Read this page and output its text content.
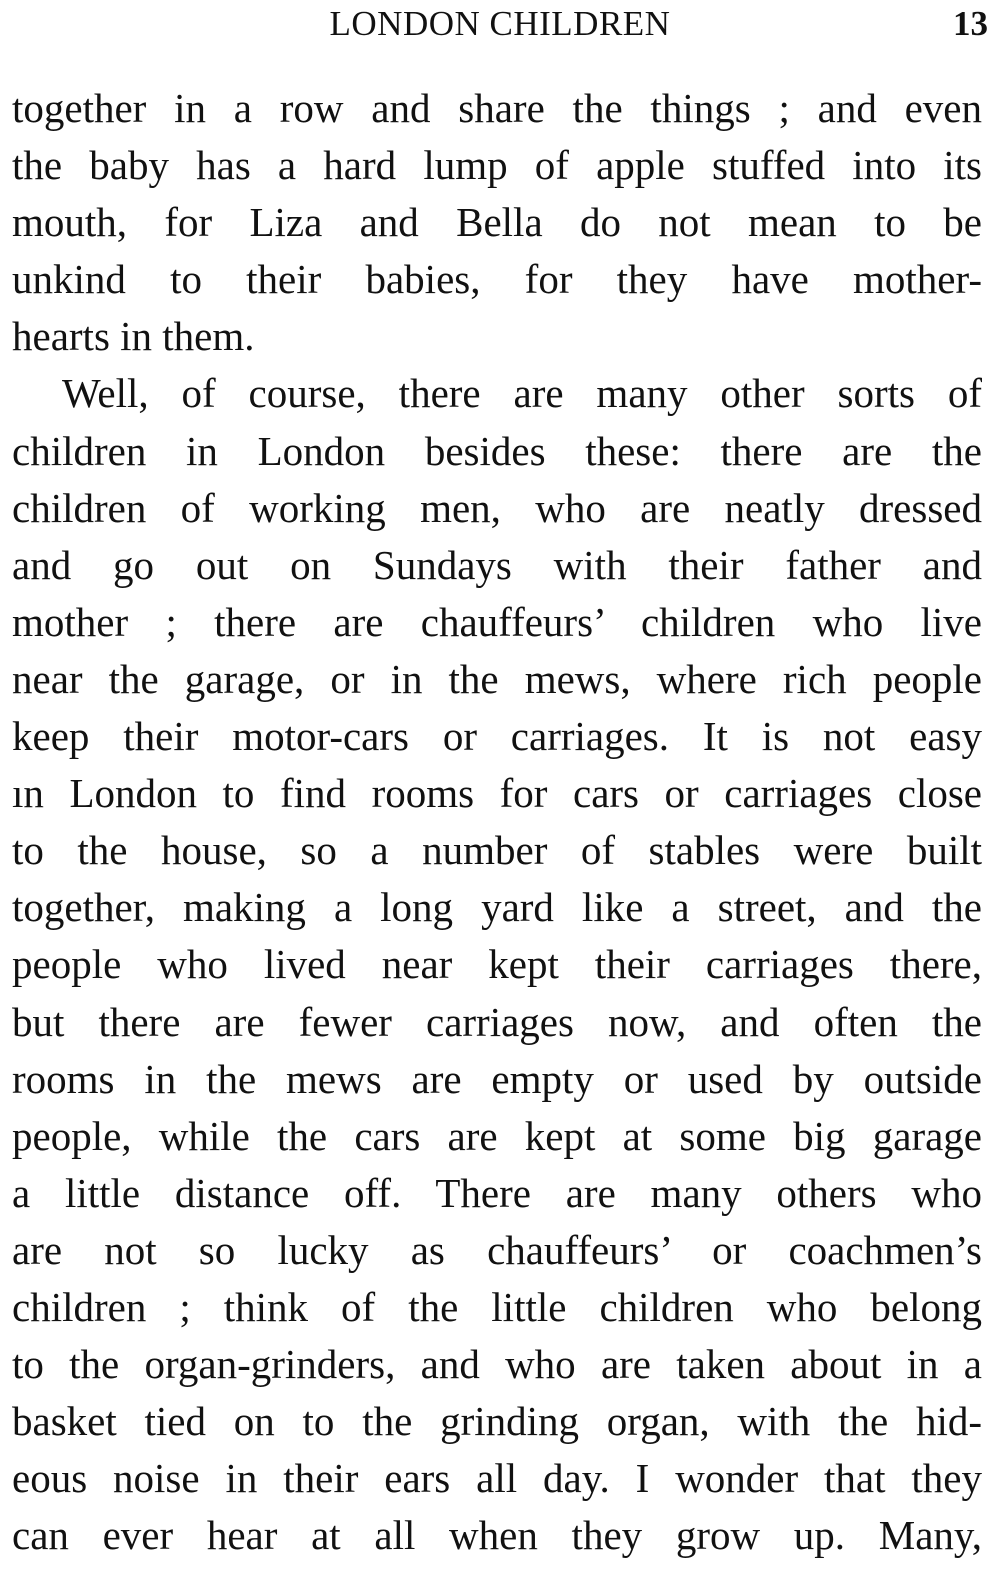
LONDON CHILDREN	13
together in a row and share the things ; and even
the baby has a hard lump of apple stuffed into its
mouth, for Liza and Bella do not mean to be
unkind to their babies, for they have mother-
hearts in them.
Well, of course, there are many other sorts of
children in London besides these: there are the
children of working men, who are neatly dressed
and go out on Sundays with their father and
mother ; there are chauffeurs’ children who live
near the garage, or in the mews, where rich people
keep their motor-cars or carriages. It is not easy
ın London to find rooms for cars or carriages close
to the house, so a number of stables were built
together, making a long yard like a street, and the
people who lived near kept their carriages there,
but there are fewer carriages now, and often the
rooms in the mews are empty or used by outside
people, while the cars are kept at some big garage
a little distance off. There are many others who
are not so lucky as chauffeurs’ or coachmen’s
children ; think of the little children who belong
to the organ-grinders, and who are taken about in a
basket tied on to the grinding organ, with the hid-
eous noise in their ears all day. I wonder that they
can ever hear at all when they grow up. Many,
